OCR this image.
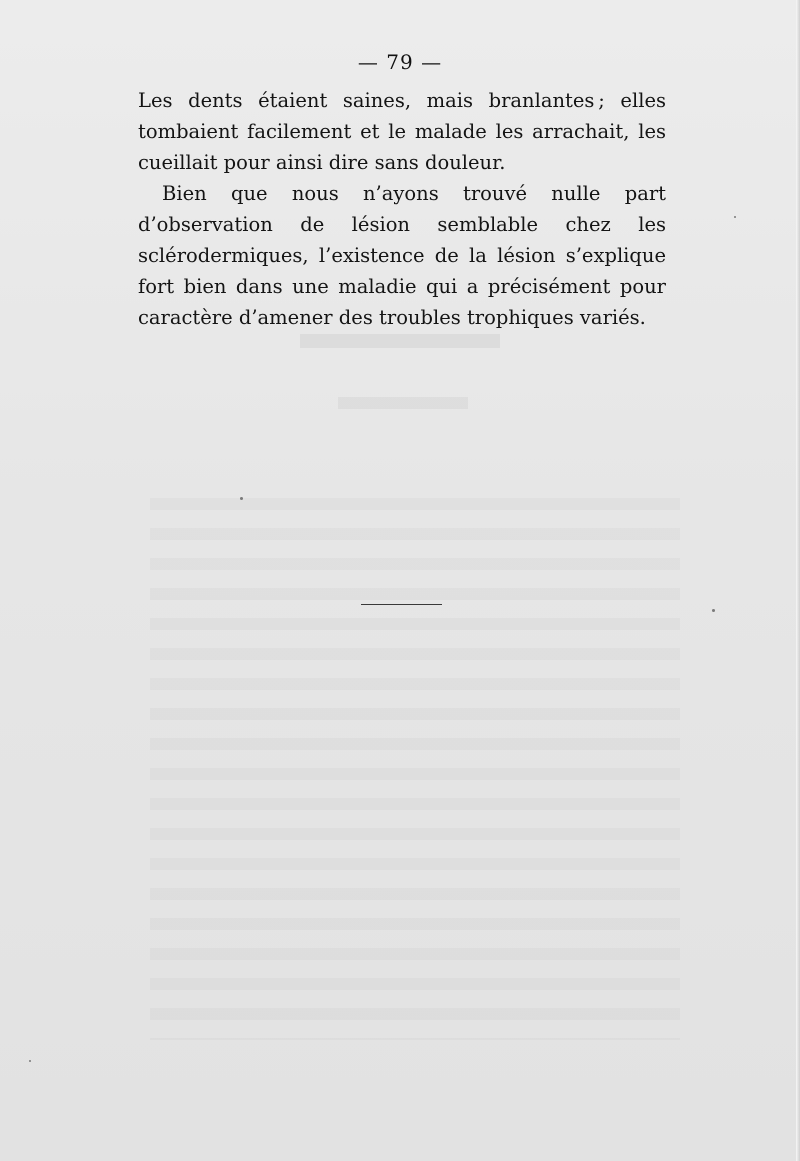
— 79 —

Les dents étaient saines, mais branlantes ; elles tombaient facilement et le malade les arrachait, les cueillait pour ainsi dire sans douleur.

Bien que nous n’ayons trouvé nulle part d’observation de lésion semblable chez les sclérodermiques, l’existence de la lésion s’explique fort bien dans une maladie qui a précisément pour caractère d’amener des troubles trophiques variés.
